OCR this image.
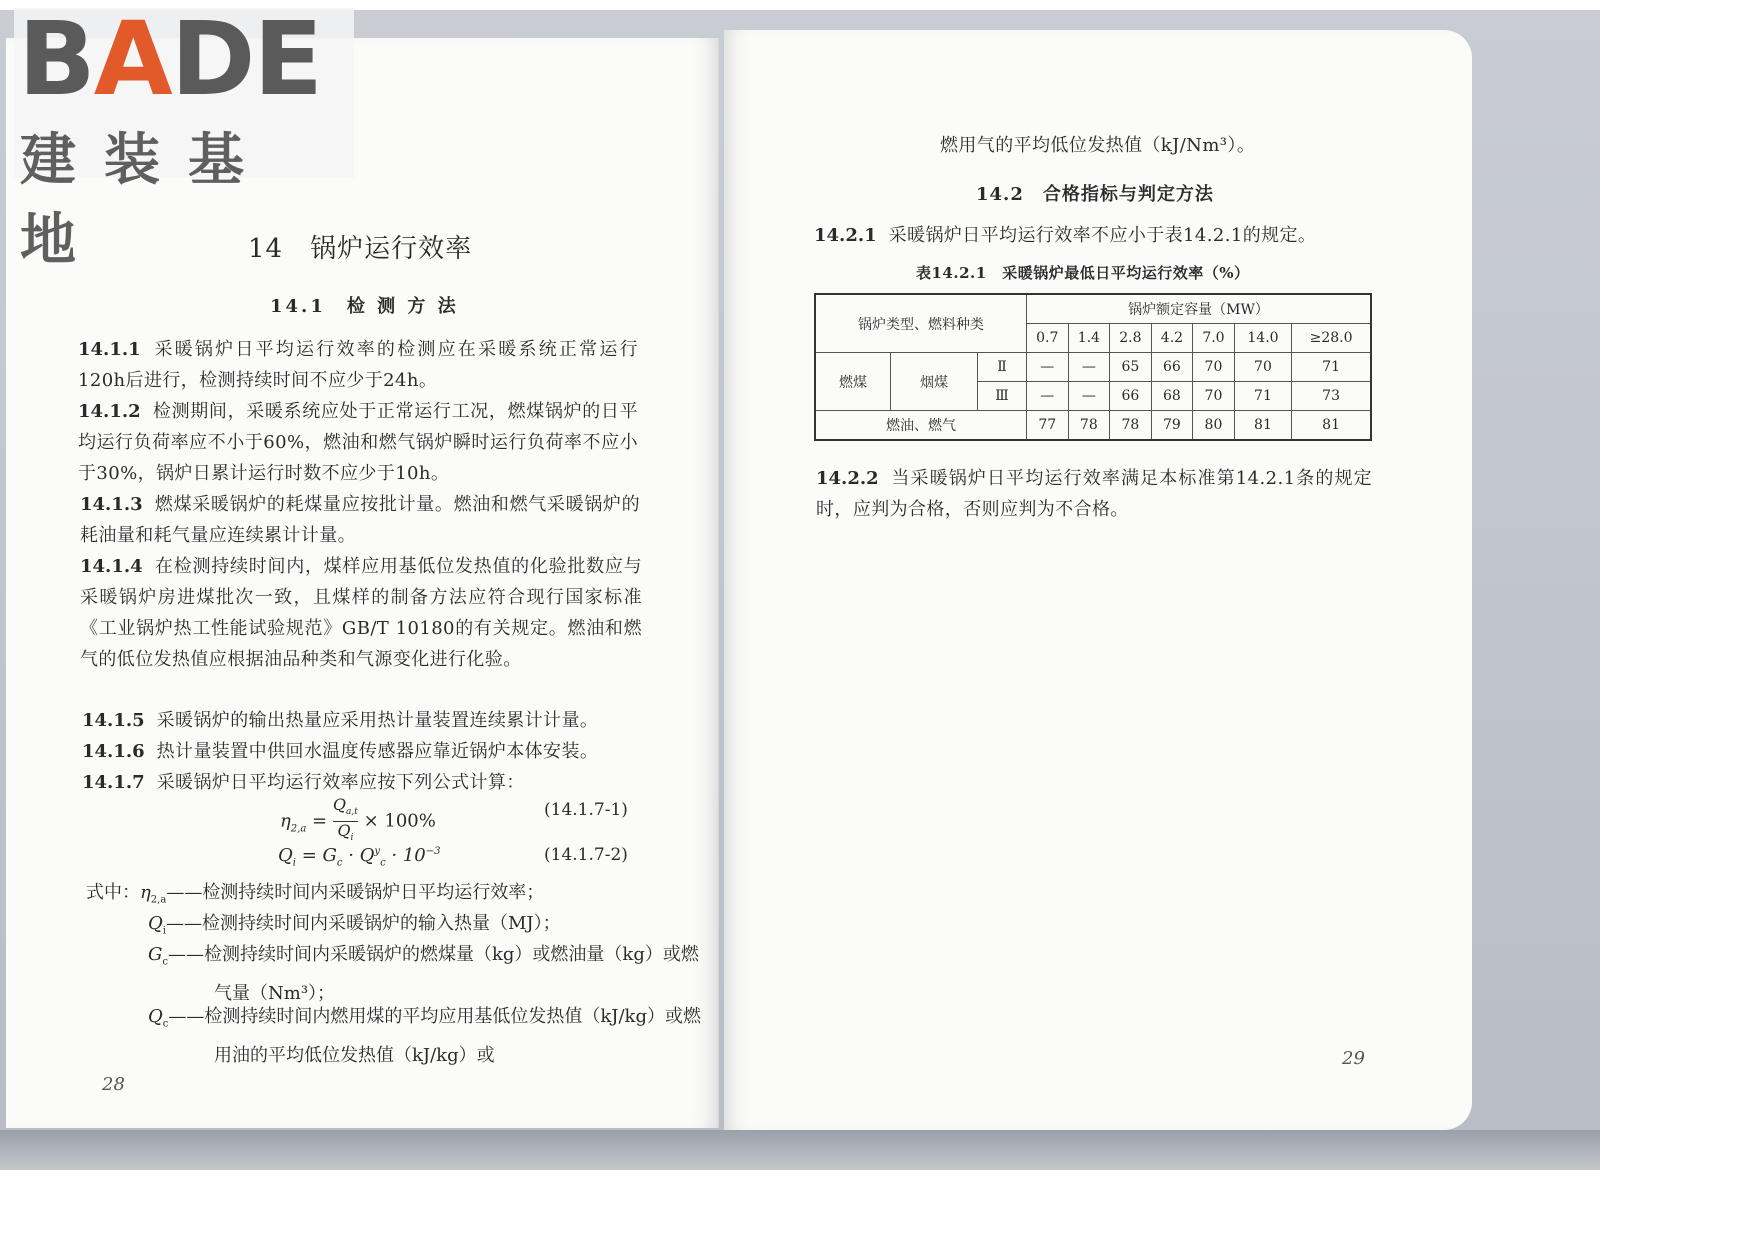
BADE
建装基地	14　锅炉运行效率
14.1　检 测 方 法
14.1.1 采暖锅炉日平均运行效率的检测应在采暖系统正常运行120h后进行，检测持续时间不应少于24h。
14.1.2 检测期间，采暖系统应处于正常运行工况，燃煤锅炉的日平均运行负荷率应不小于60%，燃油和燃气锅炉瞬时运行负荷率不应小于30%，锅炉日累计运行时数不应少于10h。
14.1.3 燃煤采暖锅炉的耗煤量应按批计量。燃油和燃气采暖锅炉的耗油量和耗气量应连续累计计量。
14.1.4 在检测持续时间内，煤样应用基低位发热值的化验批数应与采暖锅炉房进煤批次一致，且煤样的制备方法应符合现行国家标准《工业锅炉热工性能试验规范》GB/T 10180的有关规定。燃油和燃气的低位发热值应根据油品种类和气源变化进行化验。
14.1.5 采暖锅炉的输出热量应采用热计量装置连续累计计量。
14.1.6 热计量装置中供回水温度传感器应靠近锅炉本体安装。
14.1.7 采暖锅炉日平均运行效率应按下列公式计算：
$\eta_{2,a} = \frac{Q_{a,t}}{Q_i} \times 100\%$
(14.1.7-1)
$Q_i = G_c \cdot Q^y_c \cdot 10^{-3}$	(14.1.7-2)
式中： $\eta_{2,a}——$检测持续时间内采暖锅炉日平均运行效率；
$Q_i——$检测持续时间内采暖锅炉的输入热量（MJ）；
$G_c——$检测持续时间内采暖锅炉的燃煤量（kg）或燃油量（kg）或燃气量（Nm³）；
$Q_c——$检测持续时间内燃用煤的平均应用基低位发热值（kJ/kg）或燃用油的平均低位发热值（kJ/kg）或
28
燃用气的平均低位发热值（kJ/Nm³）。
14.2　合格指标与判定方法
14.2.1 采暖锅炉日平均运行效率不应小于表14.2.1的规定。
表14.2.1　采暖锅炉最低日平均运行效率（%）
锅炉类型、燃料种类			锅炉额定容量（MW）						
			0.7	1.4	2.8	4.2	7.0	14.0	≥28.0
燃煤	烟煤	Ⅱ	—	—	65	66	70	70	71
		Ⅲ	—	—	66	68	70	71	73
燃油、燃气			77	78	78	79	80	81	81
14.2.2 当采暖锅炉日平均运行效率满足本标准第14.2.1条的规定时，应判为合格，否则应判为不合格。
29
